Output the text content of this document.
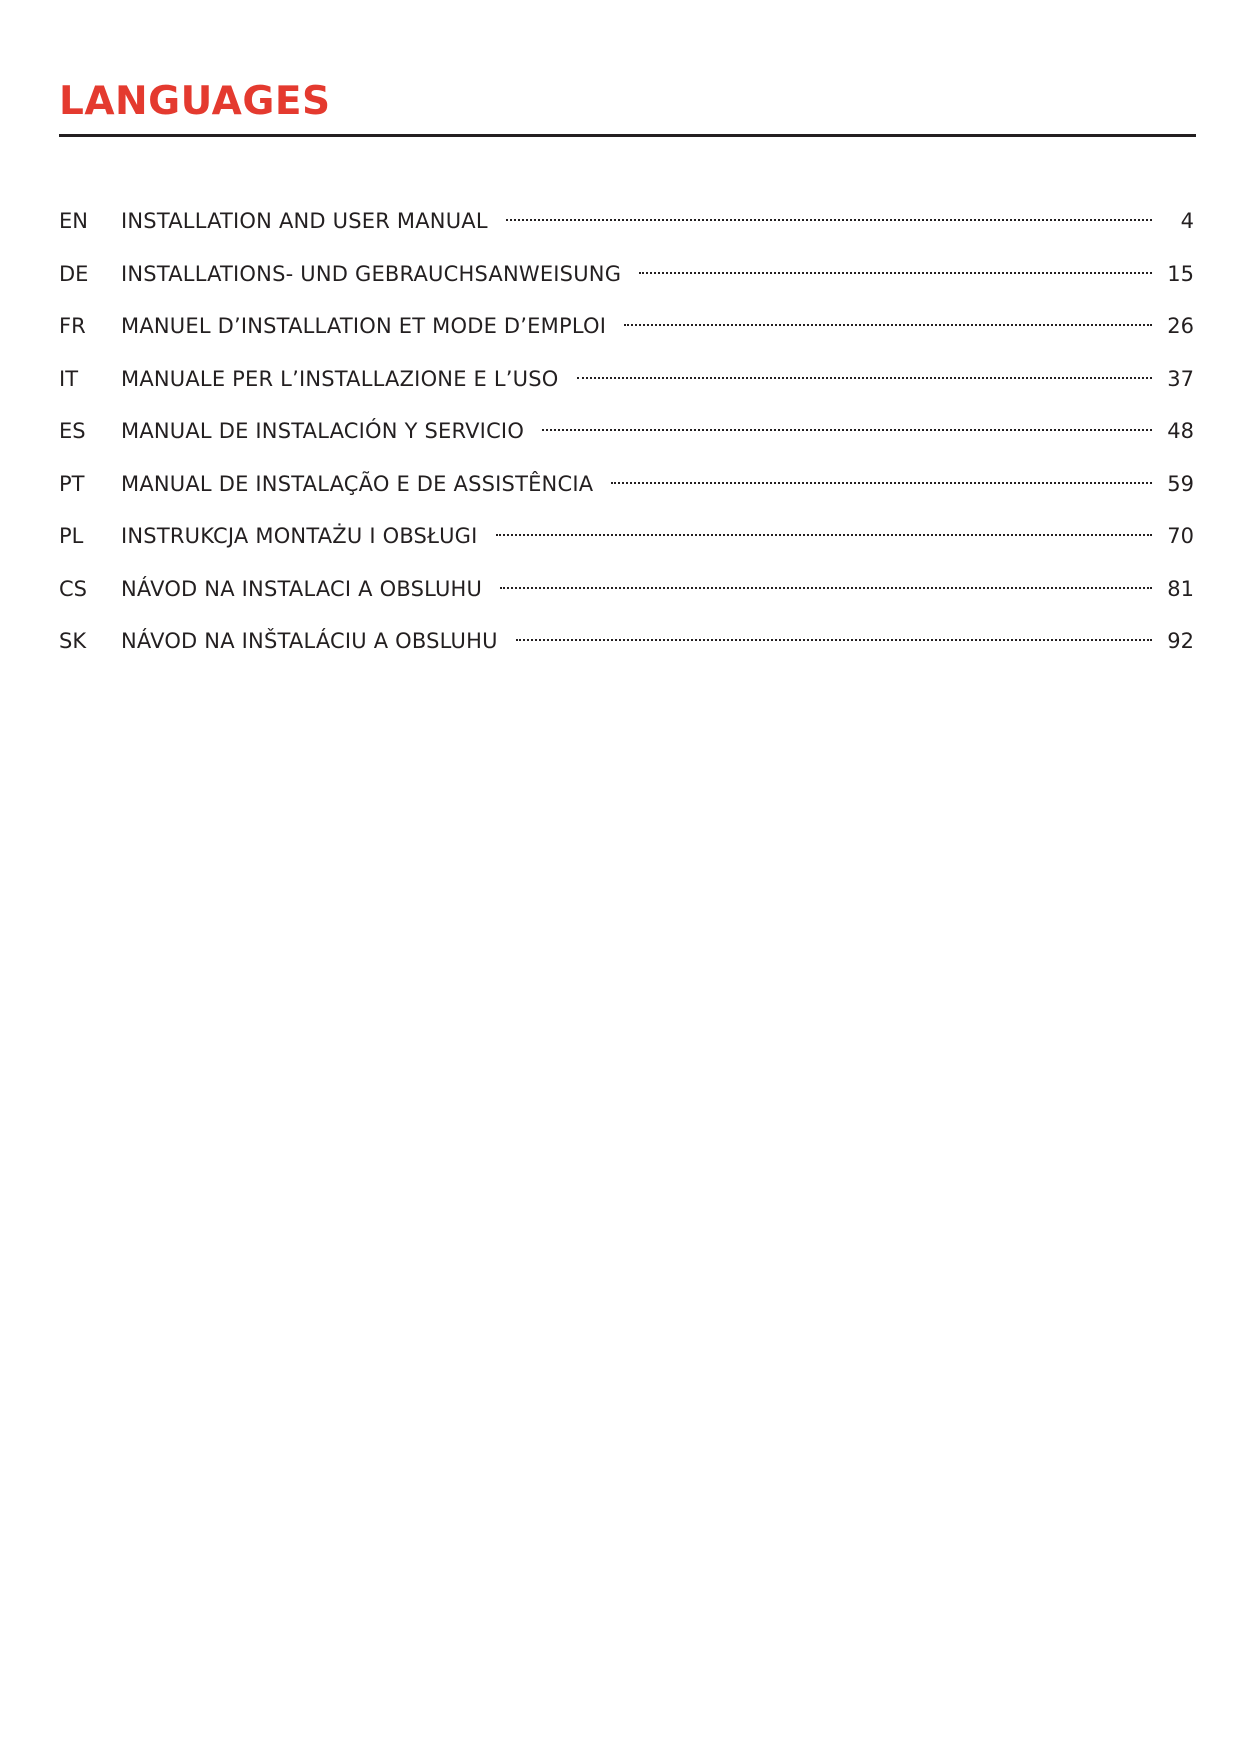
LANGUAGES
EN	INSTALLATION AND USER MANUAL	4
DE	INSTALLATIONS- UND GEBRAUCHSANWEISUNG	15
FR	MANUEL D’INSTALLATION ET MODE D’EMPLOI	26
IT	MANUALE PER L’INSTALLAZIONE E L’USO	37
ES	MANUAL DE INSTALACIÓN Y SERVICIO	48
PT	MANUAL DE INSTALAÇÃO E DE ASSISTÊNCIA	59
PL	INSTRUKCJA MONTAŻU I OBSŁUGI	70
CS	NÁVOD NA INSTALACI A OBSLUHU	81
SK	NÁVOD NA INŠTALÁCIU A OBSLUHU	92
